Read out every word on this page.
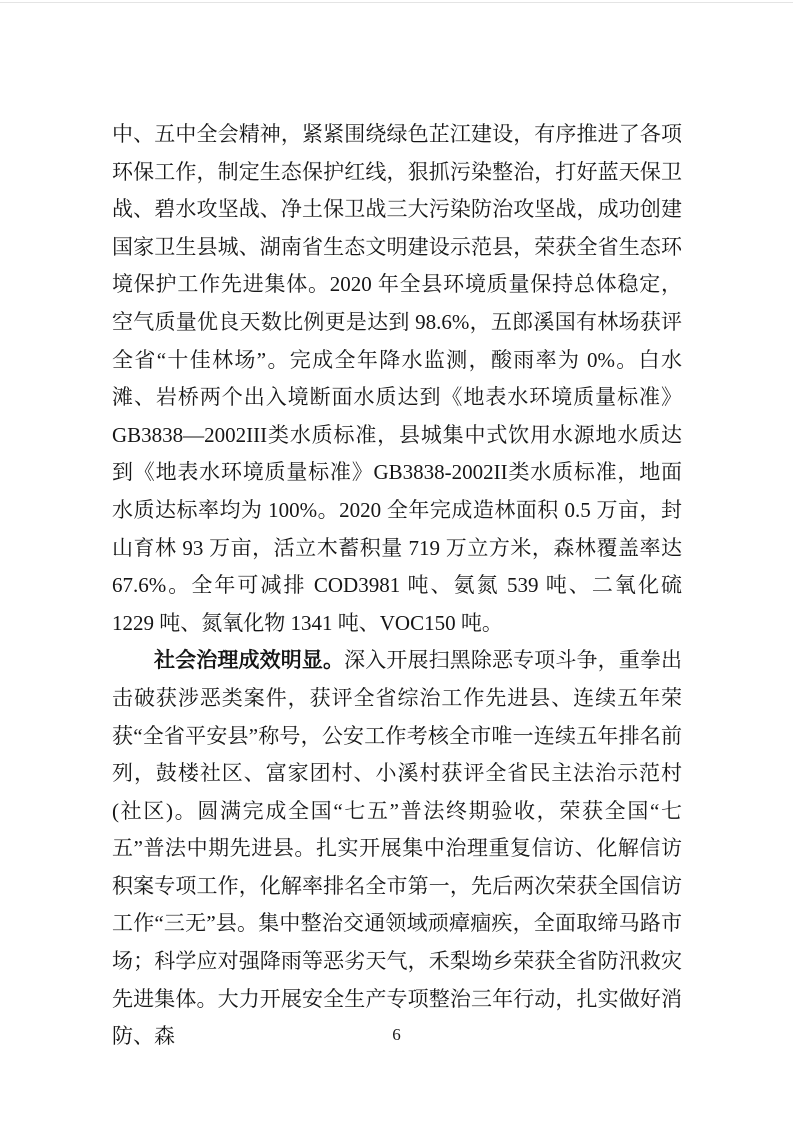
中、五中全会精神，紧紧围绕绿色芷江建设，有序推进了各项环保工作，制定生态保护红线，狠抓污染整治，打好蓝天保卫战、碧水攻坚战、净土保卫战三大污染防治攻坚战，成功创建国家卫生县城、湖南省生态文明建设示范县，荣获全省生态环境保护工作先进集体。2020 年全县环境质量保持总体稳定，空气质量优良天数比例更是达到 98.6%，五郎溪国有林场获评全省“十佳林场”。完成全年降水监测，酸雨率为 0%。白水滩、岩桥两个出入境断面水质达到《地表水环境质量标准》GB3838—2002III类水质标准，县城集中式饮用水源地水质达到《地表水环境质量标准》GB3838-2002II类水质标准，地面水质达标率均为 100%。2020 全年完成造林面积 0.5 万亩，封山育林 93 万亩，活立木蓄积量 719 万立方米，森林覆盖率达 67.6%。全年可减排 COD3981 吨、氨氮 539 吨、二氧化硫 1229 吨、氮氧化物 1341 吨、VOC150 吨。

社会治理成效明显。深入开展扫黑除恶专项斗争，重拳出击破获涉恶类案件，获评全省综治工作先进县、连续五年荣获“全省平安县”称号，公安工作考核全市唯一连续五年排名前列，鼓楼社区、富家团村、小溪村获评全省民主法治示范村(社区)。圆满完成全国“七五”普法终期验收，荣获全国“七五”普法中期先进县。扎实开展集中治理重复信访、化解信访积案专项工作，化解率排名全市第一，先后两次荣获全国信访工作“三无”县。集中整治交通领域顽瘴痼疾，全面取缔马路市场；科学应对强降雨等恶劣天气，禾梨坳乡荣获全省防汛救灾先进集体。大力开展安全生产专项整治三年行动，扎实做好消防、森	6
